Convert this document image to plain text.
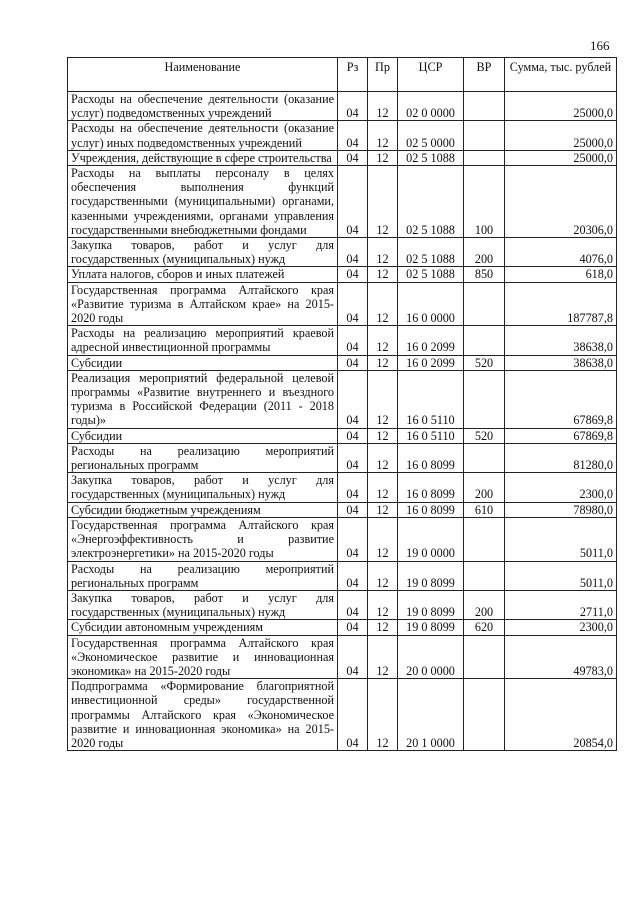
166
Наименование	Рз	Пр	ЦСР	ВР	Сумма, тыс. рублей
Расходы на обеспечение деятельности (оказание услуг) подведомственных учреждений	04	12	02 0 0000		25000,0
Расходы на обеспечение деятельности (оказание услуг) иных подведомственных учреждений	04	12	02 5 0000		25000,0
Учреждения, действующие в сфере строительства	04	12	02 5 1088		25000,0
Расходы на выплаты персоналу в целях обеспечения выполнения функций государственными (муниципальными) органами, казенными учреждениями, органами управления государственными внебюджетными фондами	04	12	02 5 1088	100	20306,0
Закупка товаров, работ и услуг для государственных (муниципальных) нужд	04	12	02 5 1088	200	4076,0
Уплата налогов, сборов и иных платежей	04	12	02 5 1088	850	618,0
Государственная программа Алтайского края «Развитие туризма в Алтайском крае» на 2015-2020 годы	04	12	16 0 0000		187787,8
Расходы на реализацию мероприятий краевой адресной инвестиционной программы	04	12	16 0 2099		38638,0
Субсидии	04	12	16 0 2099	520	38638,0
Реализация мероприятий федеральной целевой программы «Развитие внутреннего и въездного туризма в Российской Федерации (2011 - 2018 годы)»	04	12	16 0 5110		67869,8
Субсидии	04	12	16 0 5110	520	67869,8
Расходы на реализацию мероприятий региональных программ	04	12	16 0 8099		81280,0
Закупка товаров, работ и услуг для государственных (муниципальных) нужд	04	12	16 0 8099	200	2300,0
Субсидии бюджетным учреждениям	04	12	16 0 8099	610	78980,0
Государственная программа Алтайского края «Энергоэффективность и развитие электроэнергетики» на 2015-2020 годы	04	12	19 0 0000		5011,0
Расходы на реализацию мероприятий региональных программ	04	12	19 0 8099		5011,0
Закупка товаров, работ и услуг для государственных (муниципальных) нужд	04	12	19 0 8099	200	2711,0
Субсидии автономным учреждениям	04	12	19 0 8099	620	2300,0
Государственная программа Алтайского края «Экономическое развитие и инновационная экономика» на 2015-2020 годы	04	12	20 0 0000		49783,0
Подпрограмма «Формирование благоприятной инвестиционной среды» государственной программы Алтайского края «Экономическое развитие и инновационная экономика» на 2015-2020 годы	04	12	20 1 0000		20854,0
